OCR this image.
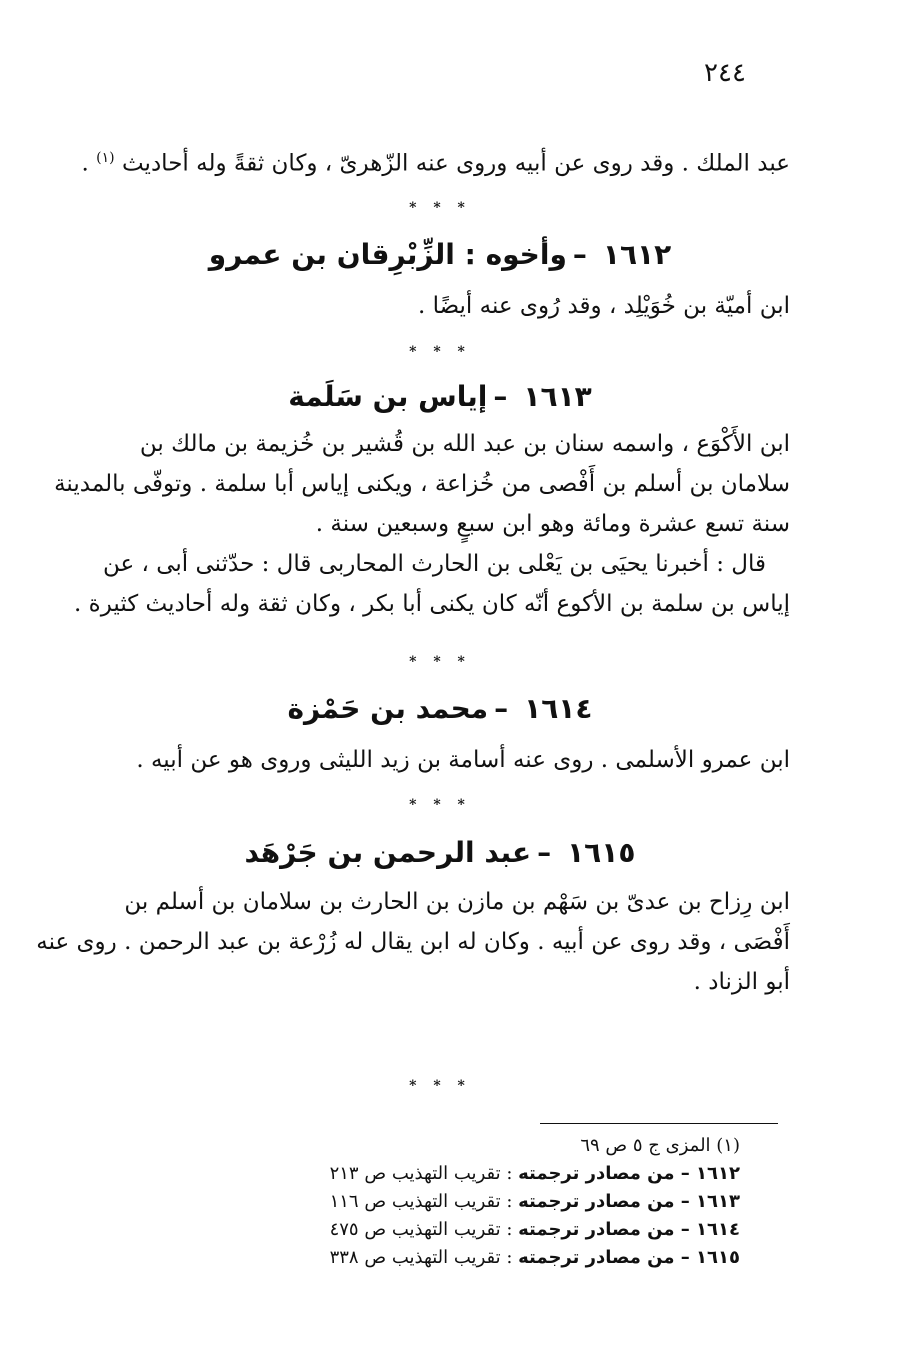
٢٤٤
عبد الملك . وقد روى عن أبيه وروى عنه الزّهرىّ ، وكان ثقةً وله أحاديث $^{(١)}$ .
* * *
١٦١٢–وأخوه : الزِّبْرِقان بن عمرو
ابن أميّة بن خُوَيْلِد ، وقد رُوى عنه أيضًا .
* * *
١٦١٣–إياس بن سَلَمة
ابن الأَكْوَع ، واسمه سنان بن عبد الله بن قُشير بن خُزيمة بن مالك بن
سلامان بن أسلم بن أَفْصى من خُزاعة ، ويكنى إياس أبا سلمة . وتوفّى بالمدينة
سنة تسع عشرة ومائة وهو ابن سبعٍ وسبعين سنة .
قال : أخبرنا يحيَى بن يَعْلى بن الحارث المحاربى قال : حدّثنى أبى ، عن
إياس بن سلمة بن الأكوع أنّه كان يكنى أبا بكر ، وكان ثقة وله أحاديث كثيرة .
* * *
١٦١٤–محمد بن حَمْزة
ابن عمرو الأسلمى . روى عنه أسامة بن زيد الليثى وروى هو عن أبيه .
* * *
١٦١٥–عبد الرحمن بن جَرْهَد
ابن رِزاح بن عدىّ بن سَهْم بن مازن بن الحارث بن سلامان بن أسلم بن
أَفْصَى ، وقد روى عن أبيه . وكان له ابن يقال له زُرْعة بن عبد الرحمن . روى عنه
أبو الزناد .
* * *
(١) المزى ج ٥ ص ٦٩
١٦١٢ – من مصادر ترجمته : تقريب التهذيب ص ٢١٣
١٦١٣ – من مصادر ترجمته : تقريب التهذيب ص ١١٦
١٦١٤ – من مصادر ترجمته : تقريب التهذيب ص ٤٧٥
١٦١٥ – من مصادر ترجمته : تقريب التهذيب ص ٣٣٨
